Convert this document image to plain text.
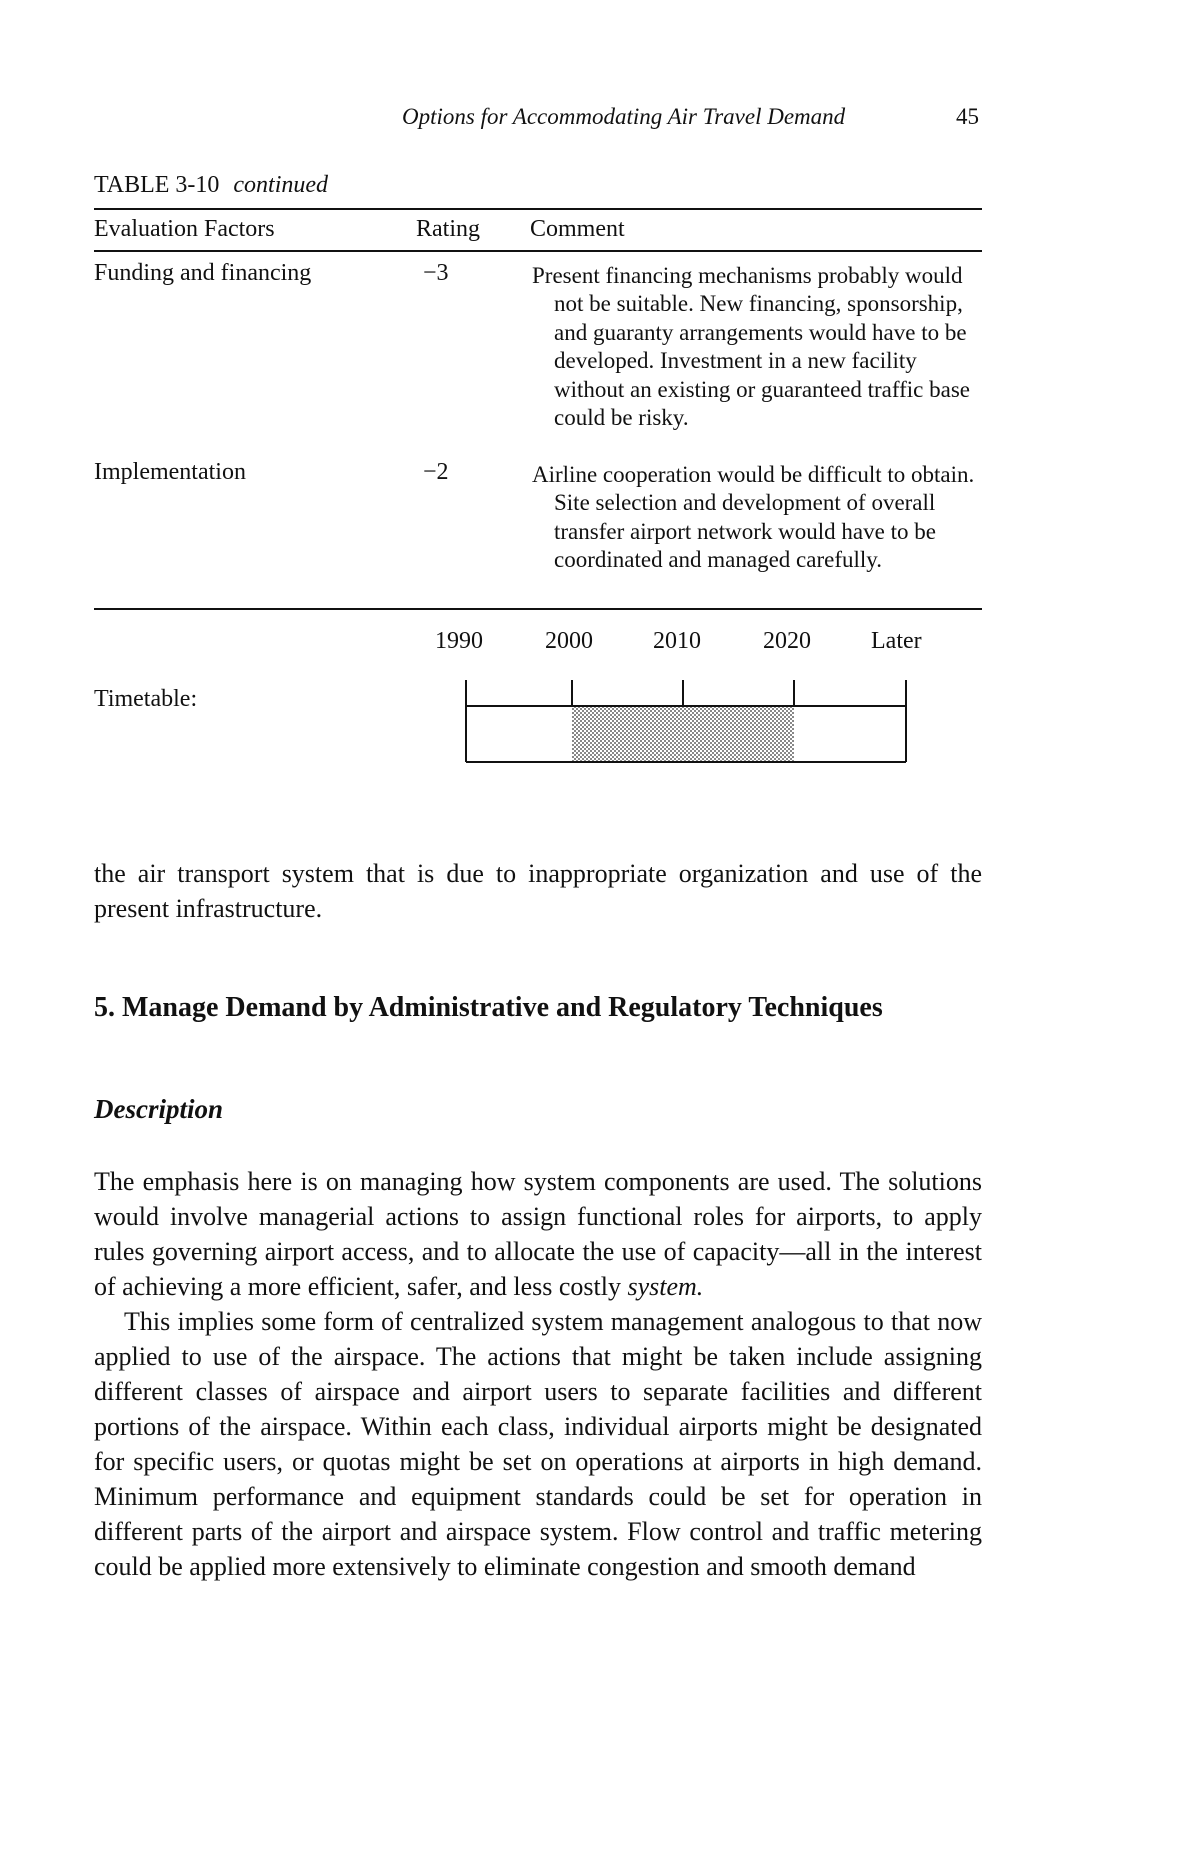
Options for Accommodating Air Travel Demand	45
TABLE 3-10 continued
Evaluation Factors	Rating Comment
Funding and financing	−3	Present financing mechanisms probably would not be suitable. New financing, sponsorship, and guaranty arrangements would have to be developed. Investment in a new facility without an existing or guaranteed traffic base could be risky.
Implementation	−2	Airline cooperation would be difficult to obtain. Site selection and development of overall transfer airport network would have to be coordinated and managed carefully.
1990	2000	2010	2020	Later
Timetable:

the air transport system that is due to inappropriate organization and use of the present infrastructure.

5. Manage Demand by Administrative and Regulatory Techniques
Description

The emphasis here is on managing how system components are used. The solutions would involve managerial actions to assign functional roles for airports, to apply rules governing airport access, and to allocate the use of capacity—all in the interest of achieving a more efficient, safer, and less costly system.

This implies some form of centralized system management analogous to that now applied to use of the airspace. The actions that might be taken include assigning different classes of airspace and airport users to separate facilities and different portions of the airspace. Within each class, individual airports might be designated for specific users, or quotas might be set on operations at airports in high demand. Minimum performance and equipment standards could be set for operation in different parts of the airport and airspace system. Flow control and traffic metering could be applied more extensively to eliminate congestion and smooth demand
